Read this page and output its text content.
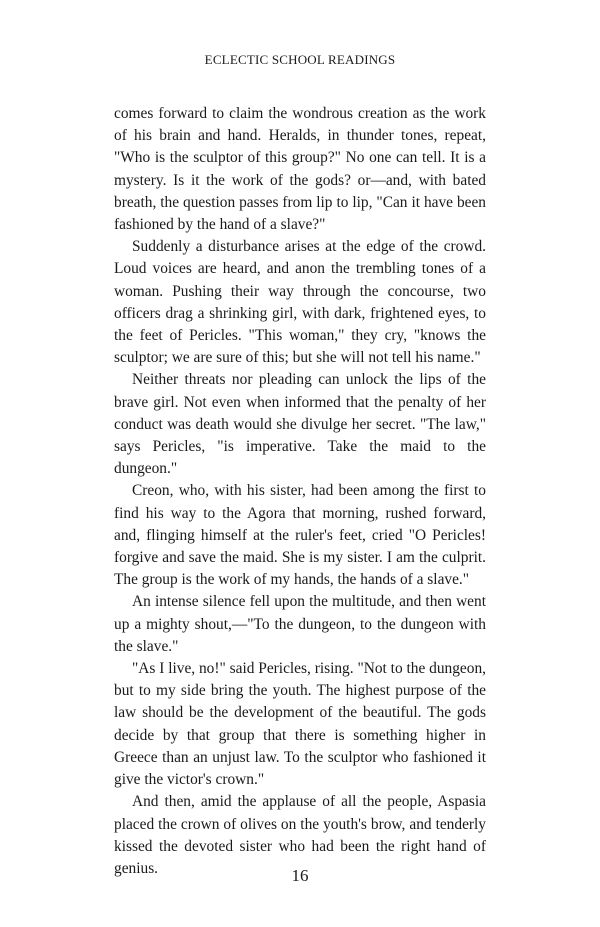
ECLECTIC SCHOOL READINGS

comes forward to claim the wondrous creation as the work of his brain and hand. Heralds, in thunder tones, repeat, "Who is the sculptor of this group?" No one can tell. It is a mystery. Is it the work of the gods? or—and, with bated breath, the question passes from lip to lip, "Can it have been fashioned by the hand of a slave?"

Suddenly a disturbance arises at the edge of the crowd. Loud voices are heard, and anon the trembling tones of a woman. Pushing their way through the concourse, two officers drag a shrinking girl, with dark, frightened eyes, to the feet of Pericles. "This woman," they cry, "knows the sculptor; we are sure of this; but she will not tell his name."

Neither threats nor pleading can unlock the lips of the brave girl. Not even when informed that the penalty of her conduct was death would she divulge her secret. "The law," says Pericles, "is imperative. Take the maid to the dungeon."

Creon, who, with his sister, had been among the first to find his way to the Agora that morning, rushed forward, and, flinging himself at the ruler's feet, cried "O Pericles! forgive and save the maid. She is my sister. I am the culprit. The group is the work of my hands, the hands of a slave."

An intense silence fell upon the multitude, and then went up a mighty shout,—"To the dungeon, to the dungeon with the slave."

"As I live, no!" said Pericles, rising. "Not to the dungeon, but to my side bring the youth. The highest purpose of the law should be the development of the beautiful. The gods decide by that group that there is something higher in Greece than an unjust law. To the sculptor who fashioned it give the victor's crown."

And then, amid the applause of all the people, Aspasia placed the crown of olives on the youth's brow, and tenderly kissed the devoted sister who had been the right hand of genius.	16
